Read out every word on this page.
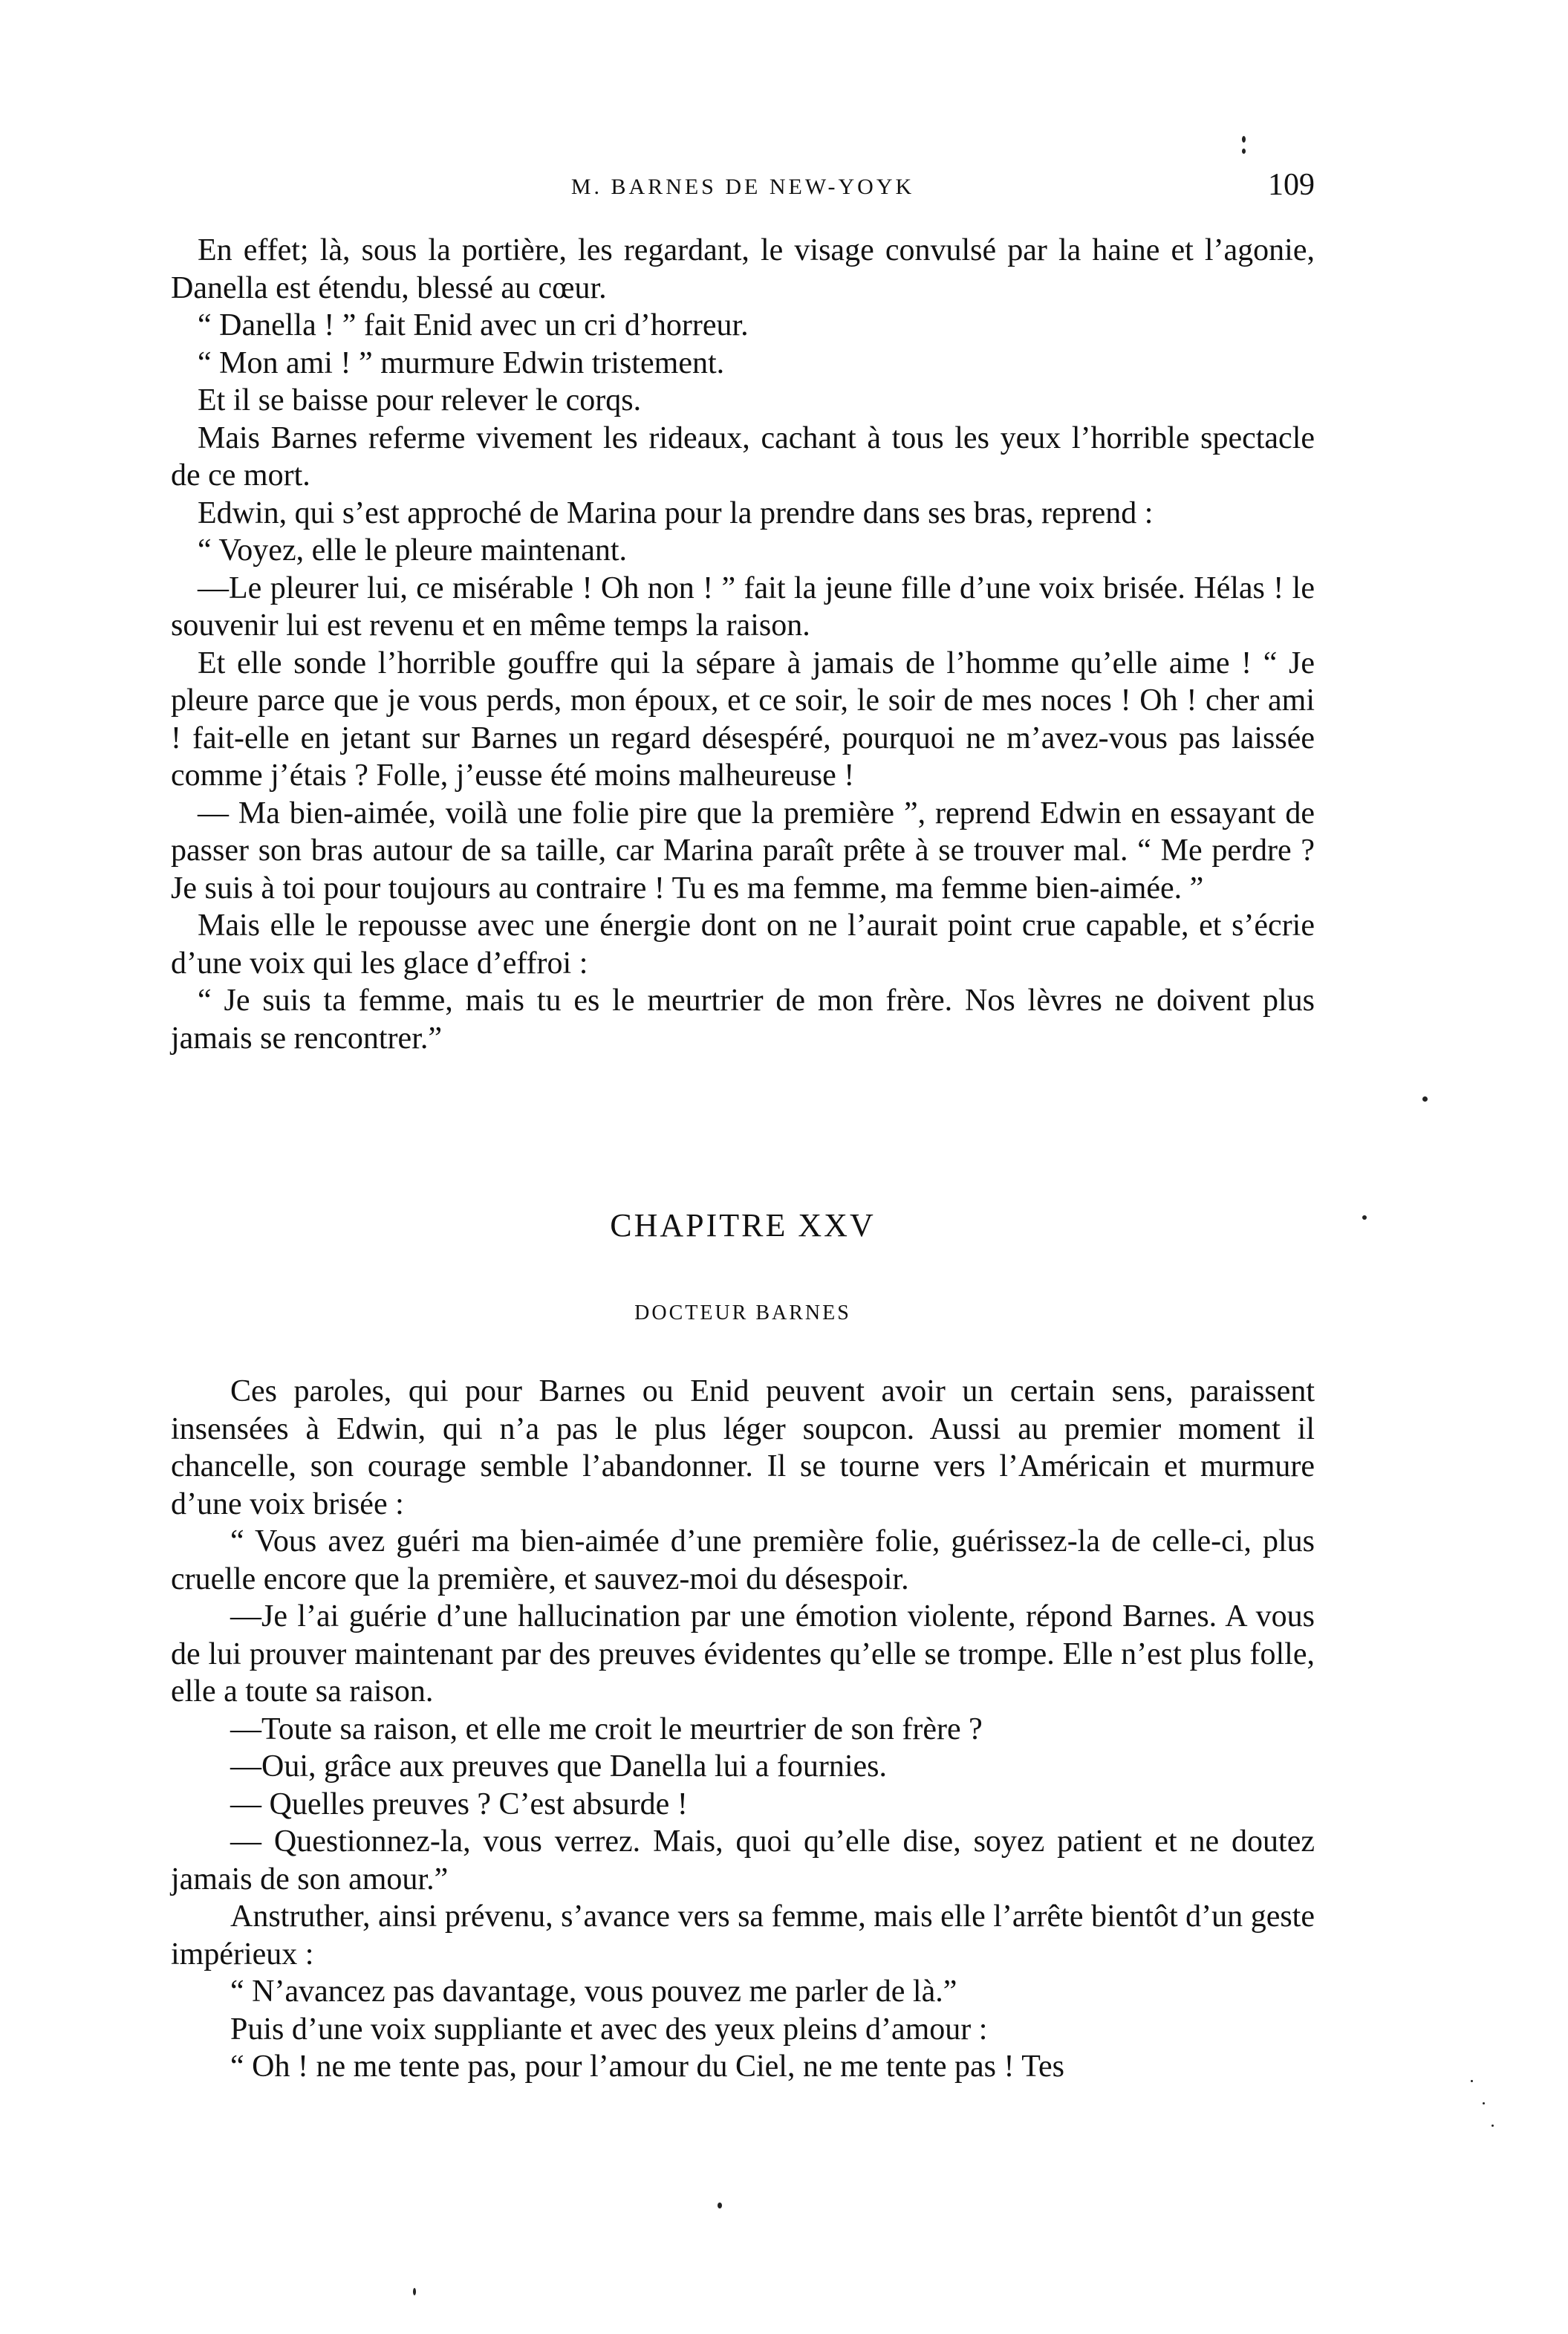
M. BARNES DE NEW-YOYK	109

En effet; là, sous la portière, les regardant, le visage convulsé par la haine et l’agonie, Danella est étendu, blessé au cœur.

“ Danella ! ” fait Enid avec un cri d’horreur.

“ Mon ami ! ” murmure Edwin tristement.

Et il se baisse pour relever le corqs.

Mais Barnes referme vivement les rideaux, cachant à tous les yeux l’horrible spectacle de ce mort.

Edwin, qui s’est approché de Marina pour la prendre dans ses bras, reprend :

“ Voyez, elle le pleure maintenant.

—Le pleurer lui, ce misérable ! Oh non ! ” fait la jeune fille d’une voix brisée. Hélas ! le souvenir lui est revenu et en même temps la raison.

Et elle sonde l’horrible gouffre qui la sépare à jamais de l’homme qu’elle aime ! “ Je pleure parce que je vous perds, mon époux, et ce soir, le soir de mes noces ! Oh ! cher ami ! fait-elle en jetant sur Barnes un regard désespéré, pourquoi ne m’avez-vous pas laissée comme j’étais ? Folle, j’eusse été moins malheureuse !

— Ma bien-aimée, voilà une folie pire que la première ”, reprend Edwin en essayant de passer son bras autour de sa taille, car Marina paraît prête à se trouver mal. “ Me perdre ? Je suis à toi pour toujours au contraire ! Tu es ma femme, ma femme bien-aimée. ”

Mais elle le repousse avec une énergie dont on ne l’aurait point crue capable, et s’écrie d’une voix qui les glace d’effroi :

“ Je suis ta femme, mais tu es le meurtrier de mon frère. Nos lèvres ne doivent plus jamais se rencontrer.”

CHAPITRE XXV
DOCTEUR BARNES

Ces paroles, qui pour Barnes ou Enid peuvent avoir un certain sens, paraissent insensées à Edwin, qui n’a pas le plus léger soupcon. Aussi au premier moment il chancelle, son courage semble l’abandonner. Il se tourne vers l’Américain et murmure d’une voix brisée :

“ Vous avez guéri ma bien-aimée d’une première folie, guérissez-la de celle-ci, plus cruelle encore que la première, et sauvez-moi du désespoir.

—Je l’ai guérie d’une hallucination par une émotion violente, répond Barnes. A vous de lui prouver maintenant par des preuves évidentes qu’elle se trompe. Elle n’est plus folle, elle a toute sa raison.

—Toute sa raison, et elle me croit le meurtrier de son frère ?

—Oui, grâce aux preuves que Danella lui a fournies.

— Quelles preuves ? C’est absurde !

— Questionnez-la, vous verrez. Mais, quoi qu’elle dise, soyez patient et ne doutez jamais de son amour.”

Anstruther, ainsi prévenu, s’avance vers sa femme, mais elle l’arrête bientôt d’un geste impérieux :

“ N’avancez pas davantage, vous pouvez me parler de là.”

Puis d’une voix suppliante et avec des yeux pleins d’amour :

“ Oh ! ne me tente pas, pour l’amour du Ciel, ne me tente pas ! Tes
